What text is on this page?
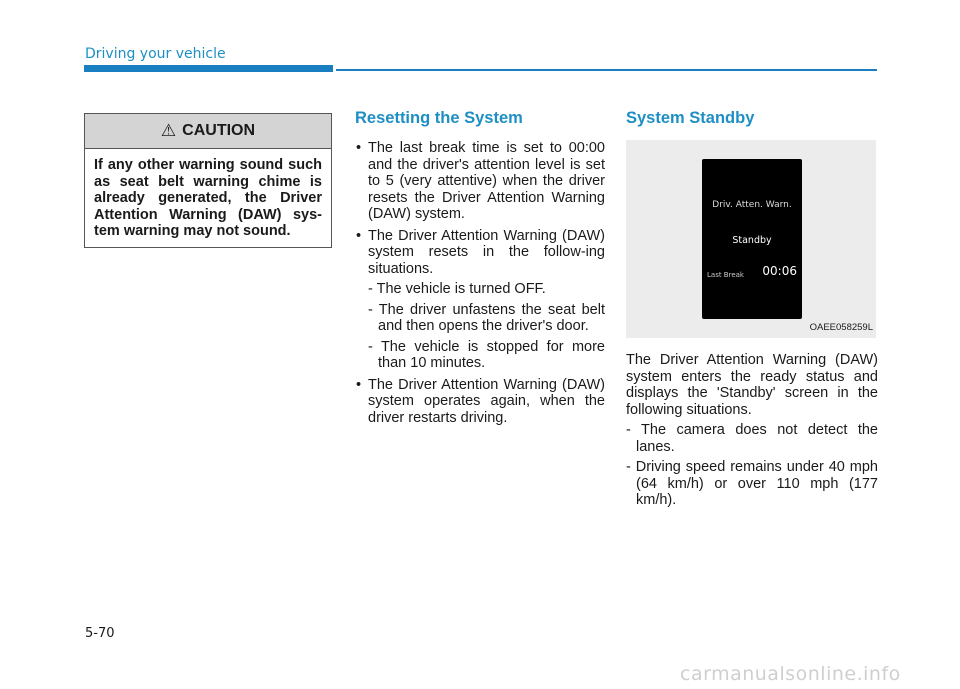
Driving your vehicle
⚠ CAUTION
If any other warning sound such as seat belt warning chime is already generated, the Driver Attention Warning (DAW) sys-tem warning may not sound.
Resetting the System
• The last break time is set to 00:00 and the driver's attention level is set to 5 (very attentive) when the driver resets the Driver Attention Warning (DAW) system.
• The Driver Attention Warning (DAW) system resets in the follow-ing situations.
- The vehicle is turned OFF.
- The driver unfastens the seat belt and then opens the driver's door.
- The vehicle is stopped for more than 10 minutes.
• The Driver Attention Warning (DAW) system operates again, when the driver restarts driving.
System Standby
Driv. Atten. Warn.
Standby
Last Break 00:06
OAEE058259L

The Driver Attention Warning (DAW) system enters the ready status and displays the 'Standby' screen in the following situations.

- The camera does not detect the lanes.
- Driving speed remains under 40 mph (64 km/h) or over 110 mph (177 km/h).
5-70
carmanualsonline.info
